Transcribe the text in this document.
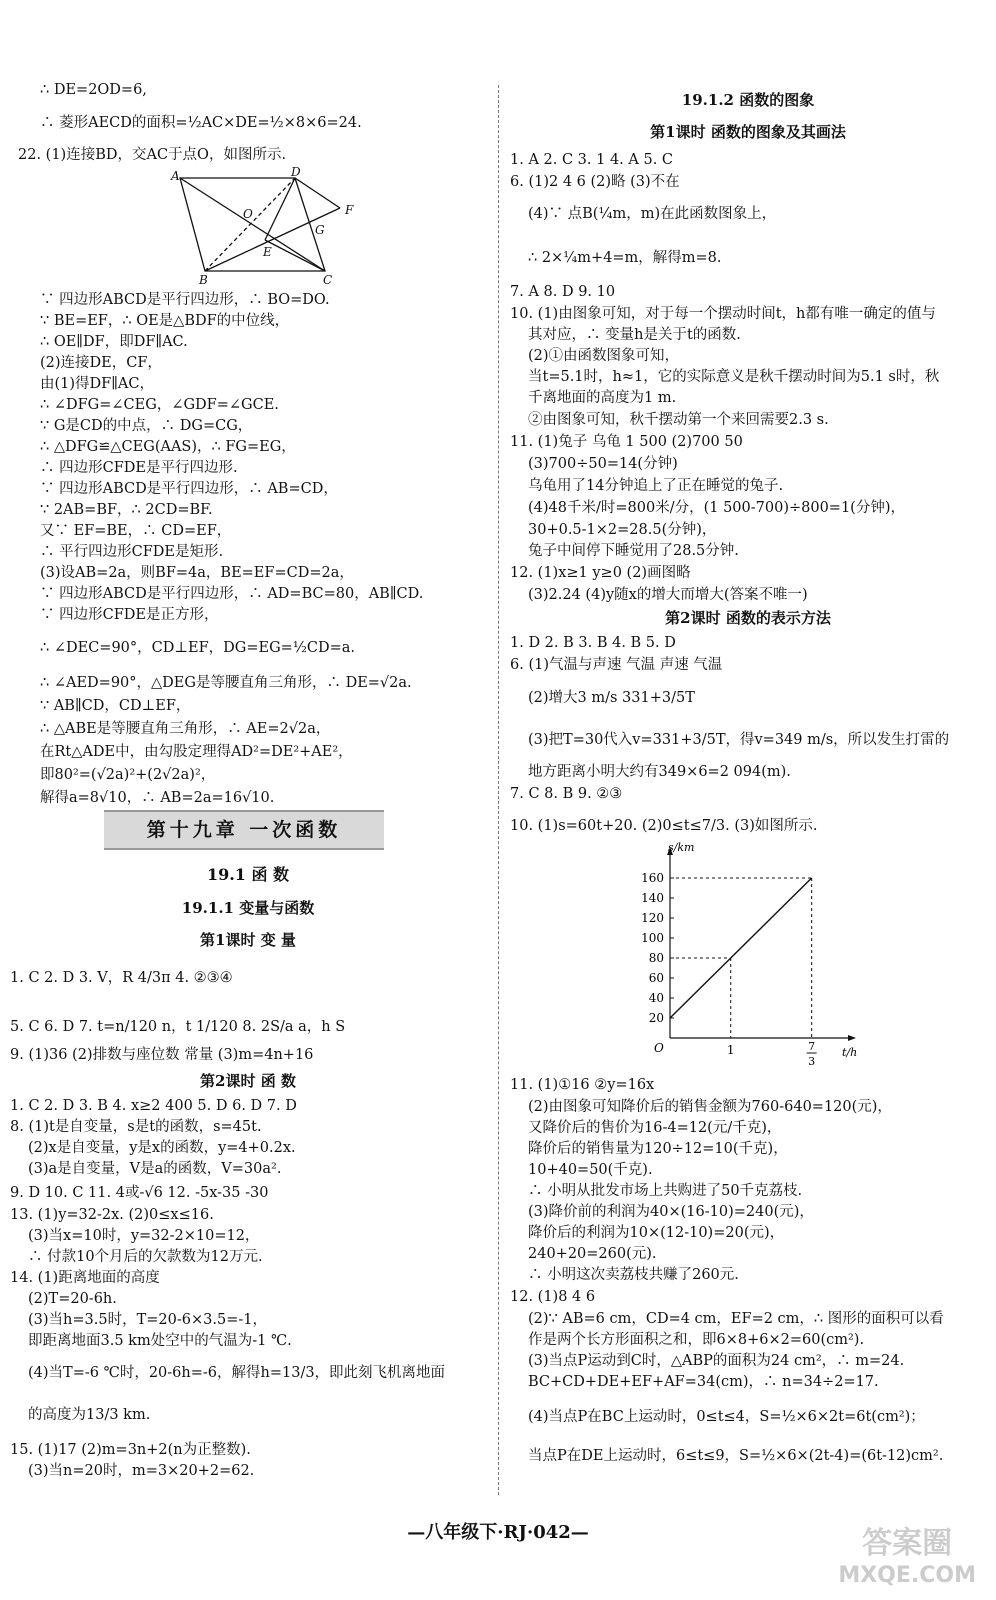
∴ DE=2OD=6,
∴ 菱形AECD的面积=½AC×DE=½×8×6=24.
22. (1)连接BD，交AC于点O，如图所示.
A	D
O	F
G
E
B	C
∵ 四边形ABCD是平行四边形，∴ BO=DO.
∵ BE=EF，∴ OE是△BDF的中位线，
∴ OE∥DF，即DF∥AC.
(2)连接DE，CF，
由(1)得DF∥AC，
∴ ∠DFG=∠CEG，∠GDF=∠GCE.
∵ G是CD的中点，∴ DG=CG，
∴ △DFG≌△CEG(AAS)，∴ FG=EG，
∴ 四边形CFDE是平行四边形.
∵ 四边形ABCD是平行四边形，∴ AB=CD，
∵ 2AB=BF，∴ 2CD=BF.
又∵ EF=BE，∴ CD=EF，
∴ 平行四边形CFDE是矩形.
(3)设AB=2a，则BF=4a，BE=EF=CD=2a，
∵ 四边形ABCD是平行四边形，∴ AD=BC=80，AB∥CD.
∵ 四边形CFDE是正方形，
∴ ∠DEC=90°，CD⊥EF，DG=EG=½CD=a.
∴ ∠AED=90°，△DEG是等腰直角三角形，∴ DE=√2a.
∵ AB∥CD，CD⊥EF，
∴ △ABE是等腰直角三角形，∴ AE=2√2a，
在Rt△ADE中，由勾股定理得AD²=DE²+AE²，
即80²=(√2a)²+(2√2a)²，
解得a=8√10，∴ AB=2a=16√10.
第十九章 一次函数
19.1 函 数
19.1.1 变量与函数
第1课时 变 量
1. C 2. D 3. V，R 4/3π 4. ②③④
5. C 6. D 7. t=n/120 n，t 1/120 8. 2S/a a，h S
9. (1)36 (2)排数与座位数 常量 (3)m=4n+16
第2课时 函 数
1. C 2. D 3. B 4. x≥2 400 5. D 6. D 7. D
8. (1)t是自变量，s是t的函数，s=45t.
(2)x是自变量，y是x的函数，y=4+0.2x.
(3)a是自变量，V是a的函数，V=30a².
9. D 10. C 11. 4或-√6 12. -5x-35 -30
13. (1)y=32-2x. (2)0≤x≤16.
(3)当x=10时，y=32-2×10=12，
∴ 付款10个月后的欠款数为12万元.
14. (1)距离地面的高度
(2)T=20-6h.
(3)当h=3.5时，T=20-6×3.5=-1，
即距离地面3.5 km处空中的气温为-1 ℃.
(4)当T=-6 ℃时，20-6h=-6，解得h=13/3，即此刻飞机离地面
的高度为13/3 km.
15. (1)17 (2)m=3n+2(n为正整数).
(3)当n=20时，m=3×20+2=62.
19.1.2 函数的图象
第1课时 函数的图象及其画法
1. A 2. C 3. 1 4. A 5. C
6. (1)2 4 6 (2)略 (3)不在
(4)∵ 点B(¼m，m)在此函数图象上，
∴ 2×¼m+4=m，解得m=8.
7. A 8. D 9. 10
10. (1)由图象可知，对于每一个摆动时间t，h都有唯一确定的值与
其对应，∴ 变量h是关于t的函数.
(2)①由函数图象可知，
当t=5.1时，h≈1，它的实际意义是秋千摆动时间为5.1 s时，秋
千离地面的高度为1 m.
②由图象可知，秋千摆动第一个来回需要2.3 s.
11. (1)兔子 乌龟 1 500 (2)700 50
(3)700÷50=14(分钟)
乌龟用了14分钟追上了正在睡觉的兔子.
(4)48千米/时=800米/分，(1 500-700)÷800=1(分钟)，
30+0.5-1×2=28.5(分钟)，
兔子中间停下睡觉用了28.5分钟.
12. (1)x≥1 y≥0 (2)画图略
(3)2.24 (4)y随x的增大而增大(答案不唯一)
第2课时 函数的表示方法
1. D 2. B 3. B 4. B 5. D
6. (1)气温与声速 气温 声速 气温
(2)增大3 m/s 331+3/5T
(3)把T=30代入v=331+3/5T，得v=349 m/s，所以发生打雷的
地方距离小明大约有349×6=2 094(m).
7. C 8. B 9. ②③
10. (1)s=60t+20. (2)0≤t≤7/3. (3)如图所示.
t/h
s/km
O
20
40
60
80
100
120
140
160
1	7
3
11. (1)①16 ②y=16x
(2)由图象可知降价后的销售金额为760-640=120(元)，
又降价后的售价为16-4=12(元/千克)，
降价后的销售量为120÷12=10(千克)，
10+40=50(千克).
∴ 小明从批发市场上共购进了50千克荔枝.
(3)降价前的利润为40×(16-10)=240(元)，
降价后的利润为10×(12-10)=20(元)，
240+20=260(元).
∴ 小明这次卖荔枝共赚了260元.
12. (1)8 4 6
(2)∵ AB=6 cm，CD=4 cm，EF=2 cm，∴ 图形的面积可以看
作是两个长方形面积之和，即6×8+6×2=60(cm²).
(3)当点P运动到C时，△ABP的面积为24 cm²，∴ m=24.
BC+CD+DE+EF+AF=34(cm)，∴ n=34÷2=17.
(4)当点P在BC上运动时，0≤t≤4，S=½×6×2t=6t(cm²)；
当点P在DE上运动时，6≤t≤9，S=½×6×(2t-4)=(6t-12)cm².
—八年级下·RJ·042—	答案圈
MXQE.COM
